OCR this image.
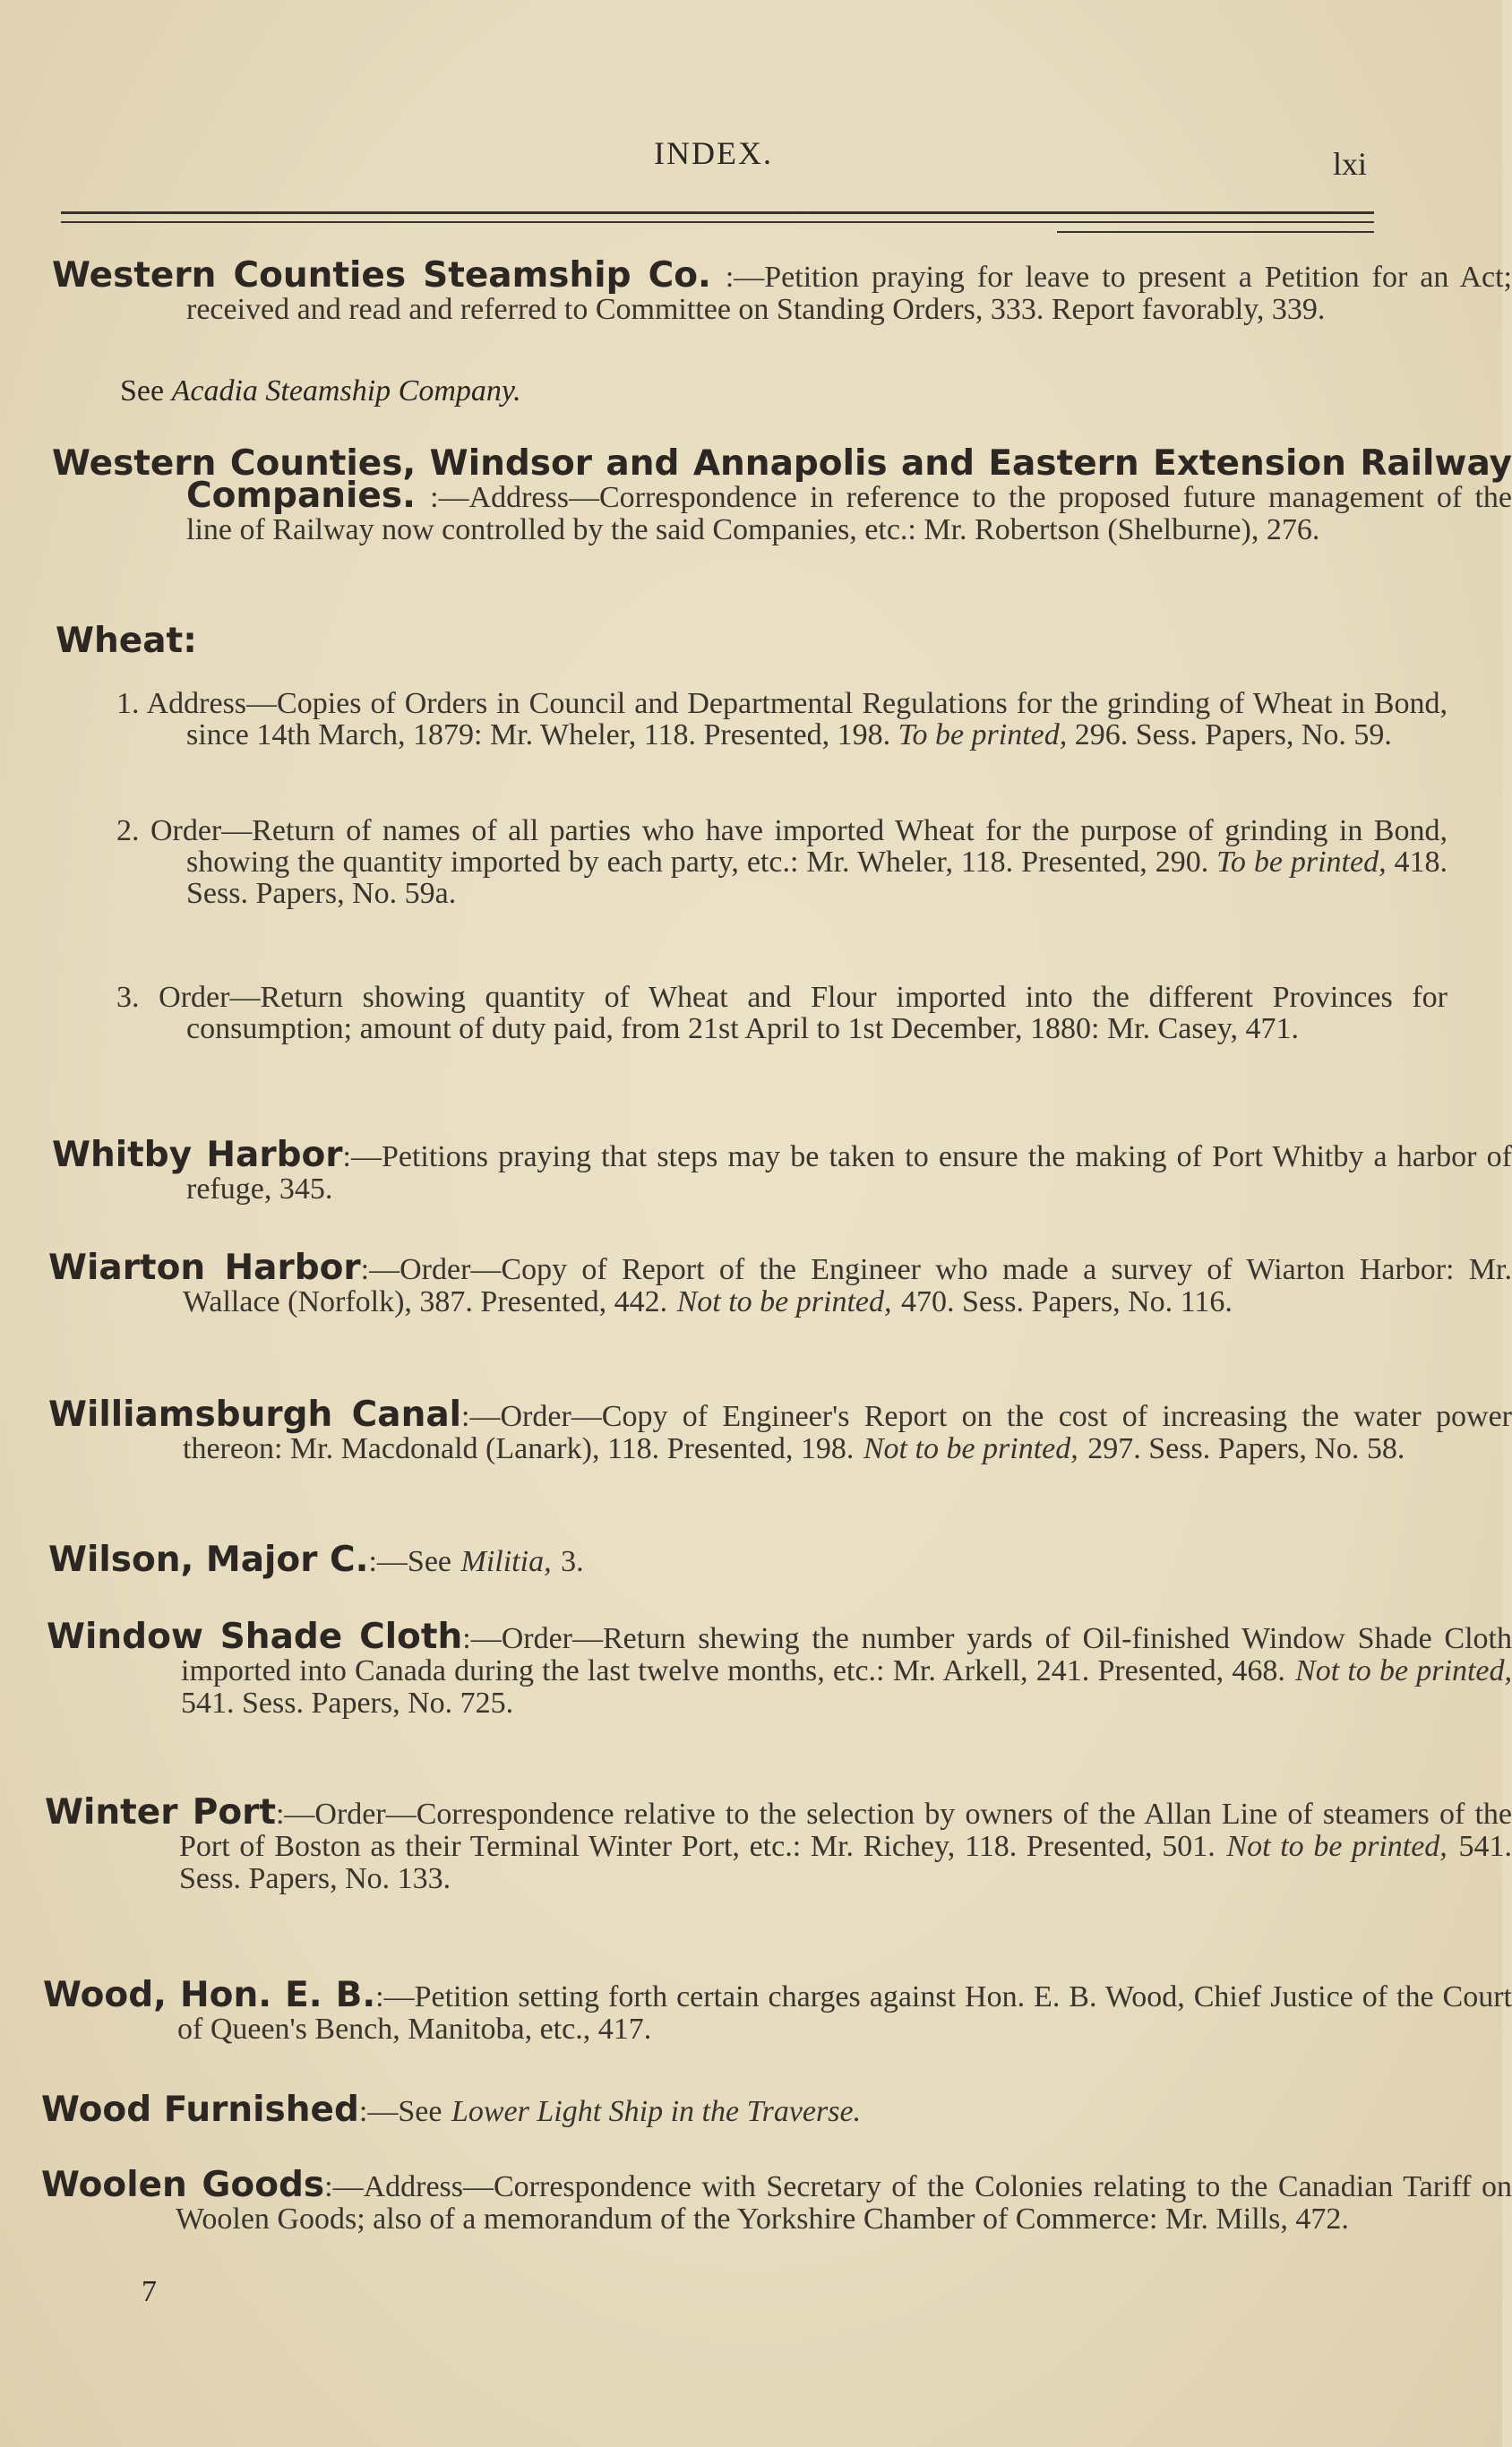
INDEX.	lxi
Western Counties Steamship Co. :—Petition praying for leave to present a Petition for an Act; received and read and referred to Committee on Standing Orders, 333. Report favorably, 339.
See Acadia Steamship Company.
Western Counties, Windsor and Annapolis and Eastern Extension Railway Companies. :—Address—Correspondence in reference to the proposed future management of the line of Railway now controlled by the said Companies, etc.: Mr. Robertson (Shelburne), 276.
Wheat:
1. Address—Copies of Orders in Council and Departmental Regulations for the grinding of Wheat in Bond, since 14th March, 1879: Mr. Wheler, 118. Presented, 198. To be printed, 296. Sess. Papers, No. 59.
2. Order—Return of names of all parties who have imported Wheat for the purpose of grinding in Bond, showing the quantity imported by each party, etc.: Mr. Wheler, 118. Presented, 290. To be printed, 418. Sess. Papers, No. 59a.
3. Order—Return showing quantity of Wheat and Flour imported into the different Provinces for consumption; amount of duty paid, from 21st April to 1st December, 1880: Mr. Casey, 471.
Whitby Harbor:—Petitions praying that steps may be taken to ensure the making of Port Whitby a harbor of refuge, 345.
Wiarton Harbor:—Order—Copy of Report of the Engineer who made a survey of Wiarton Harbor: Mr. Wallace (Norfolk), 387. Presented, 442. Not to be printed, 470. Sess. Papers, No. 116.
Williamsburgh Canal:—Order—Copy of Engineer's Report on the cost of increasing the water power thereon: Mr. Macdonald (Lanark), 118. Presented, 198. Not to be printed, 297. Sess. Papers, No. 58.
Wilson, Major C.:—See Militia, 3.
Window Shade Cloth:—Order—Return shewing the number yards of Oil-finished Window Shade Cloth imported into Canada during the last twelve months, etc.: Mr. Arkell, 241. Presented, 468. Not to be printed, 541. Sess. Papers, No. 725.
Winter Port:—Order—Correspondence relative to the selection by owners of the Allan Line of steamers of the Port of Boston as their Terminal Winter Port, etc.: Mr. Richey, 118. Presented, 501. Not to be printed, 541. Sess. Papers, No. 133.
Wood, Hon. E. B.:—Petition setting forth certain charges against Hon. E. B. Wood, Chief Justice of the Court of Queen's Bench, Manitoba, etc., 417.
Wood Furnished:—See Lower Light Ship in the Traverse.
Woolen Goods:—Address—Correspondence with Secretary of the Colonies relating to the Canadian Tariff on Woolen Goods; also of a memorandum of the Yorkshire Chamber of Commerce: Mr. Mills, 472.
7
